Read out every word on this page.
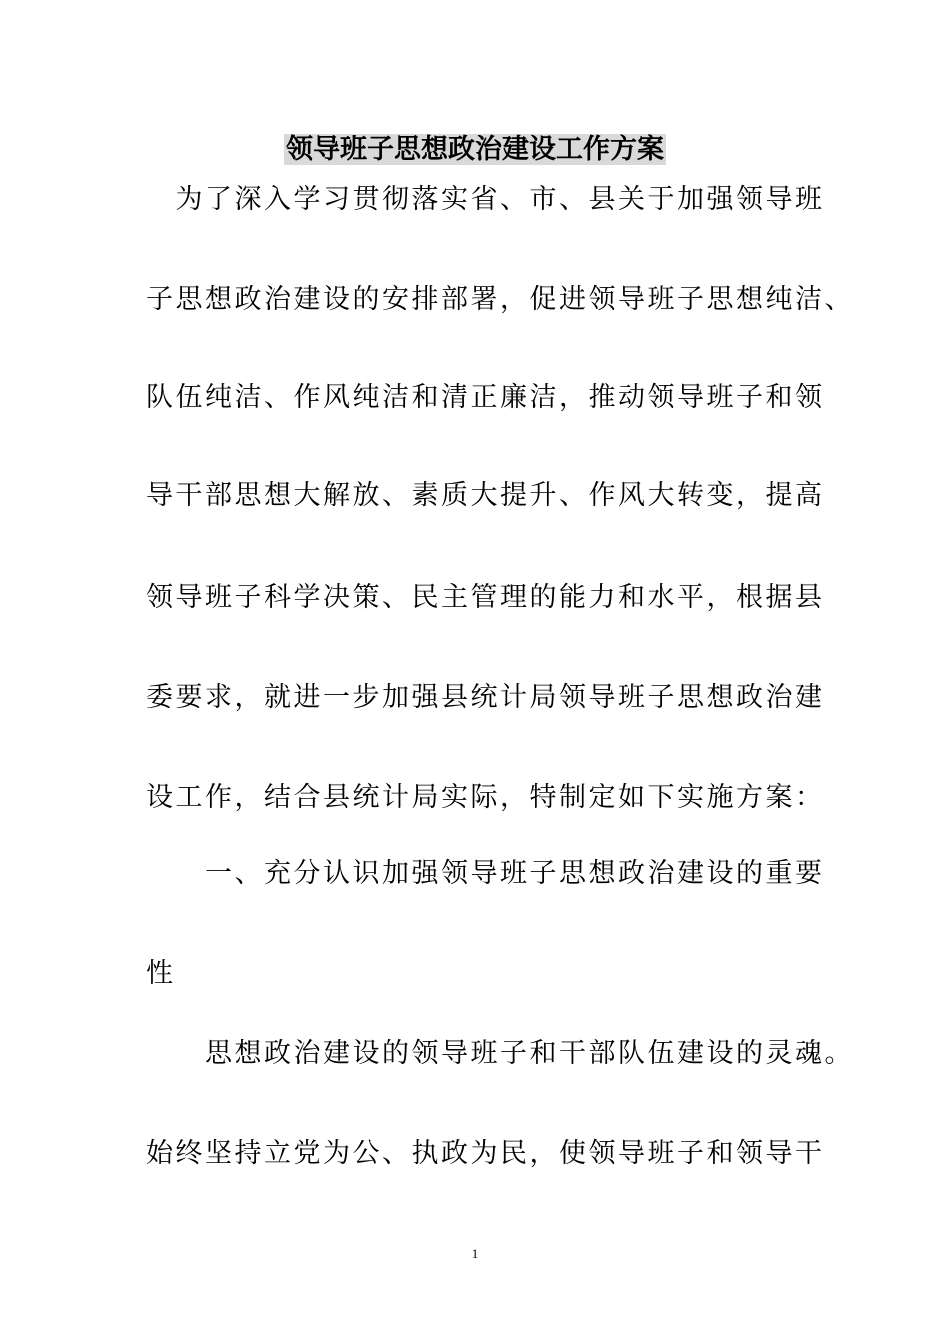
领导班子思想政治建设工作方案
　为了深入学习贯彻落实省、市、县关于加强领导班
子思想政治建设的安排部署，促进领导班子思想纯洁、
队伍纯洁、作风纯洁和清正廉洁，推动领导班子和领
导干部思想大解放、素质大提升、作风大转变，提高
领导班子科学决策、民主管理的能力和水平，根据县
委要求，就进一步加强县统计局领导班子思想政治建
设工作，结合县统计局实际，特制定如下实施方案：
　　一、充分认识加强领导班子思想政治建设的重要
性
　　思想政治建设的领导班子和干部队伍建设的灵魂。
始终坚持立党为公、执政为民，使领导班子和领导干
1
